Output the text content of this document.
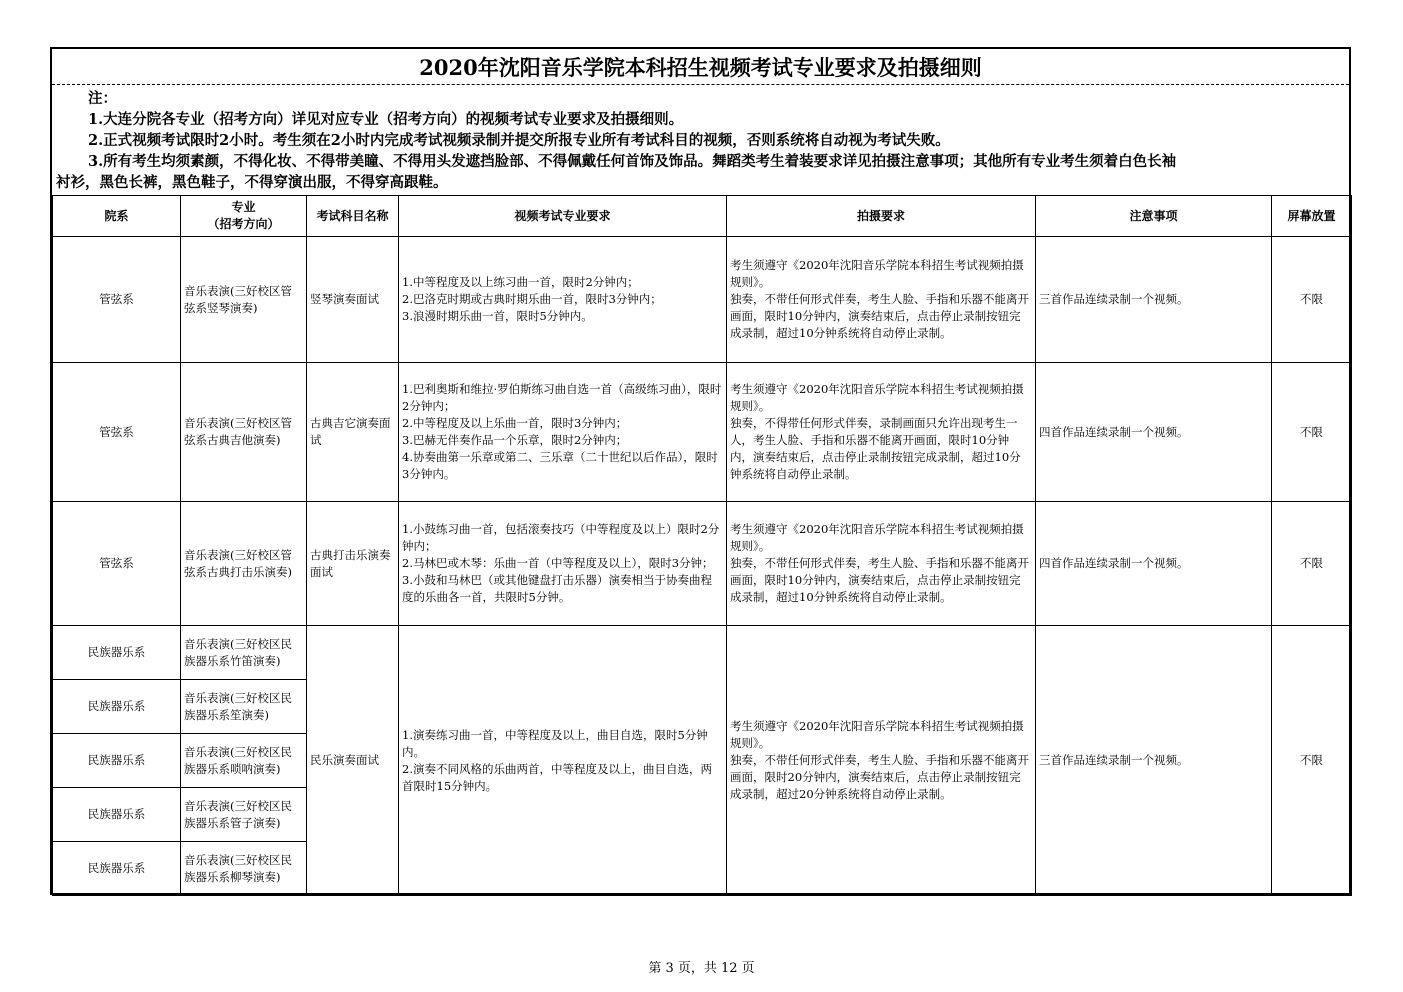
2020年沈阳音乐学院本科招生视频考试专业要求及拍摄细则
注：
1.大连分院各专业（招考方向）详见对应专业（招考方向）的视频考试专业要求及拍摄细则。
2.正式视频考试限时2小时。考生须在2小时内完成考试视频录制并提交所报专业所有考试科目的视频，否则系统将自动视为考试失败。
3.所有考生均须素颜，不得化妆、不得带美瞳、不得用头发遮挡脸部、不得佩戴任何首饰及饰品。舞蹈类考生着装要求详见拍摄注意事项；其他所有专业考生须着白色长袖
衬衫，黑色长裤，黑色鞋子，不得穿演出服，不得穿高跟鞋。
院系	专业
（招考方向）	考试科目名称	视频考试专业要求	拍摄要求	注意事项	屏幕放置
管弦系	音乐表演(三好校区管弦系竖琴演奏)	竖琴演奏面试	1.中等程度及以上练习曲一首，限时2分钟内；
2.巴洛克时期或古典时期乐曲一首，限时3分钟内；
3.浪漫时期乐曲一首，限时5分钟内。	考生须遵守《2020年沈阳音乐学院本科招生考试视频拍摄规则》。
独奏，不带任何形式伴奏，考生人脸、手指和乐器不能离开画面，限时10分钟内，演奏结束后，点击停止录制按钮完成录制，超过10分钟系统将自动停止录制。	三首作品连续录制一个视频。	不限
管弦系	音乐表演(三好校区管弦系古典吉他演奏)	古典吉它演奏面试	1.巴利奥斯和维拉·罗伯斯练习曲自选一首（高级练习曲），限时2分钟内；
2.中等程度及以上乐曲一首，限时3分钟内；
3.巴赫无伴奏作品一个乐章，限时2分钟内；
4.协奏曲第一乐章或第二、三乐章（二十世纪以后作品），限时3分钟内。	考生须遵守《2020年沈阳音乐学院本科招生考试视频拍摄规则》。
独奏，不得带任何形式伴奏，录制画面只允许出现考生一人，考生人脸、手指和乐器不能离开画面，限时10分钟内，演奏结束后，点击停止录制按钮完成录制，超过10分钟系统将自动停止录制。	四首作品连续录制一个视频。	不限
管弦系	音乐表演(三好校区管弦系古典打击乐演奏)	古典打击乐演奏面试	1.小鼓练习曲一首，包括滚奏技巧（中等程度及以上）限时2分钟内；
2.马林巴或木琴：乐曲一首（中等程度及以上），限时3分钟；
3.小鼓和马林巴（或其他键盘打击乐器）演奏相当于协奏曲程度的乐曲各一首，共限时5分钟。	考生须遵守《2020年沈阳音乐学院本科招生考试视频拍摄规则》。
独奏，不带任何形式伴奏，考生人脸、手指和乐器不能离开画面，限时10分钟内，演奏结束后，点击停止录制按钮完成录制，超过10分钟系统将自动停止录制。	四首作品连续录制一个视频。	不限
民族器乐系	音乐表演(三好校区民族器乐系竹笛演奏)	民乐演奏面试	1.演奏练习曲一首，中等程度及以上，曲目自选，限时5分钟内。
2.演奏不同风格的乐曲两首，中等程度及以上，曲目自选，两首限时15分钟内。	考生须遵守《2020年沈阳音乐学院本科招生考试视频拍摄规则》。
独奏，不带任何形式伴奏，考生人脸、手指和乐器不能离开画面，限时20分钟内，演奏结束后，点击停止录制按钮完成录制，超过20分钟系统将自动停止录制。	三首作品连续录制一个视频。	不限
民族器乐系	音乐表演(三好校区民族器乐系笙演奏)					
民族器乐系	音乐表演(三好校区民族器乐系唢呐演奏)					
民族器乐系	音乐表演(三好校区民族器乐系管子演奏)					
民族器乐系	音乐表演(三好校区民族器乐系柳琴演奏)					
第 3 页，共 12 页
